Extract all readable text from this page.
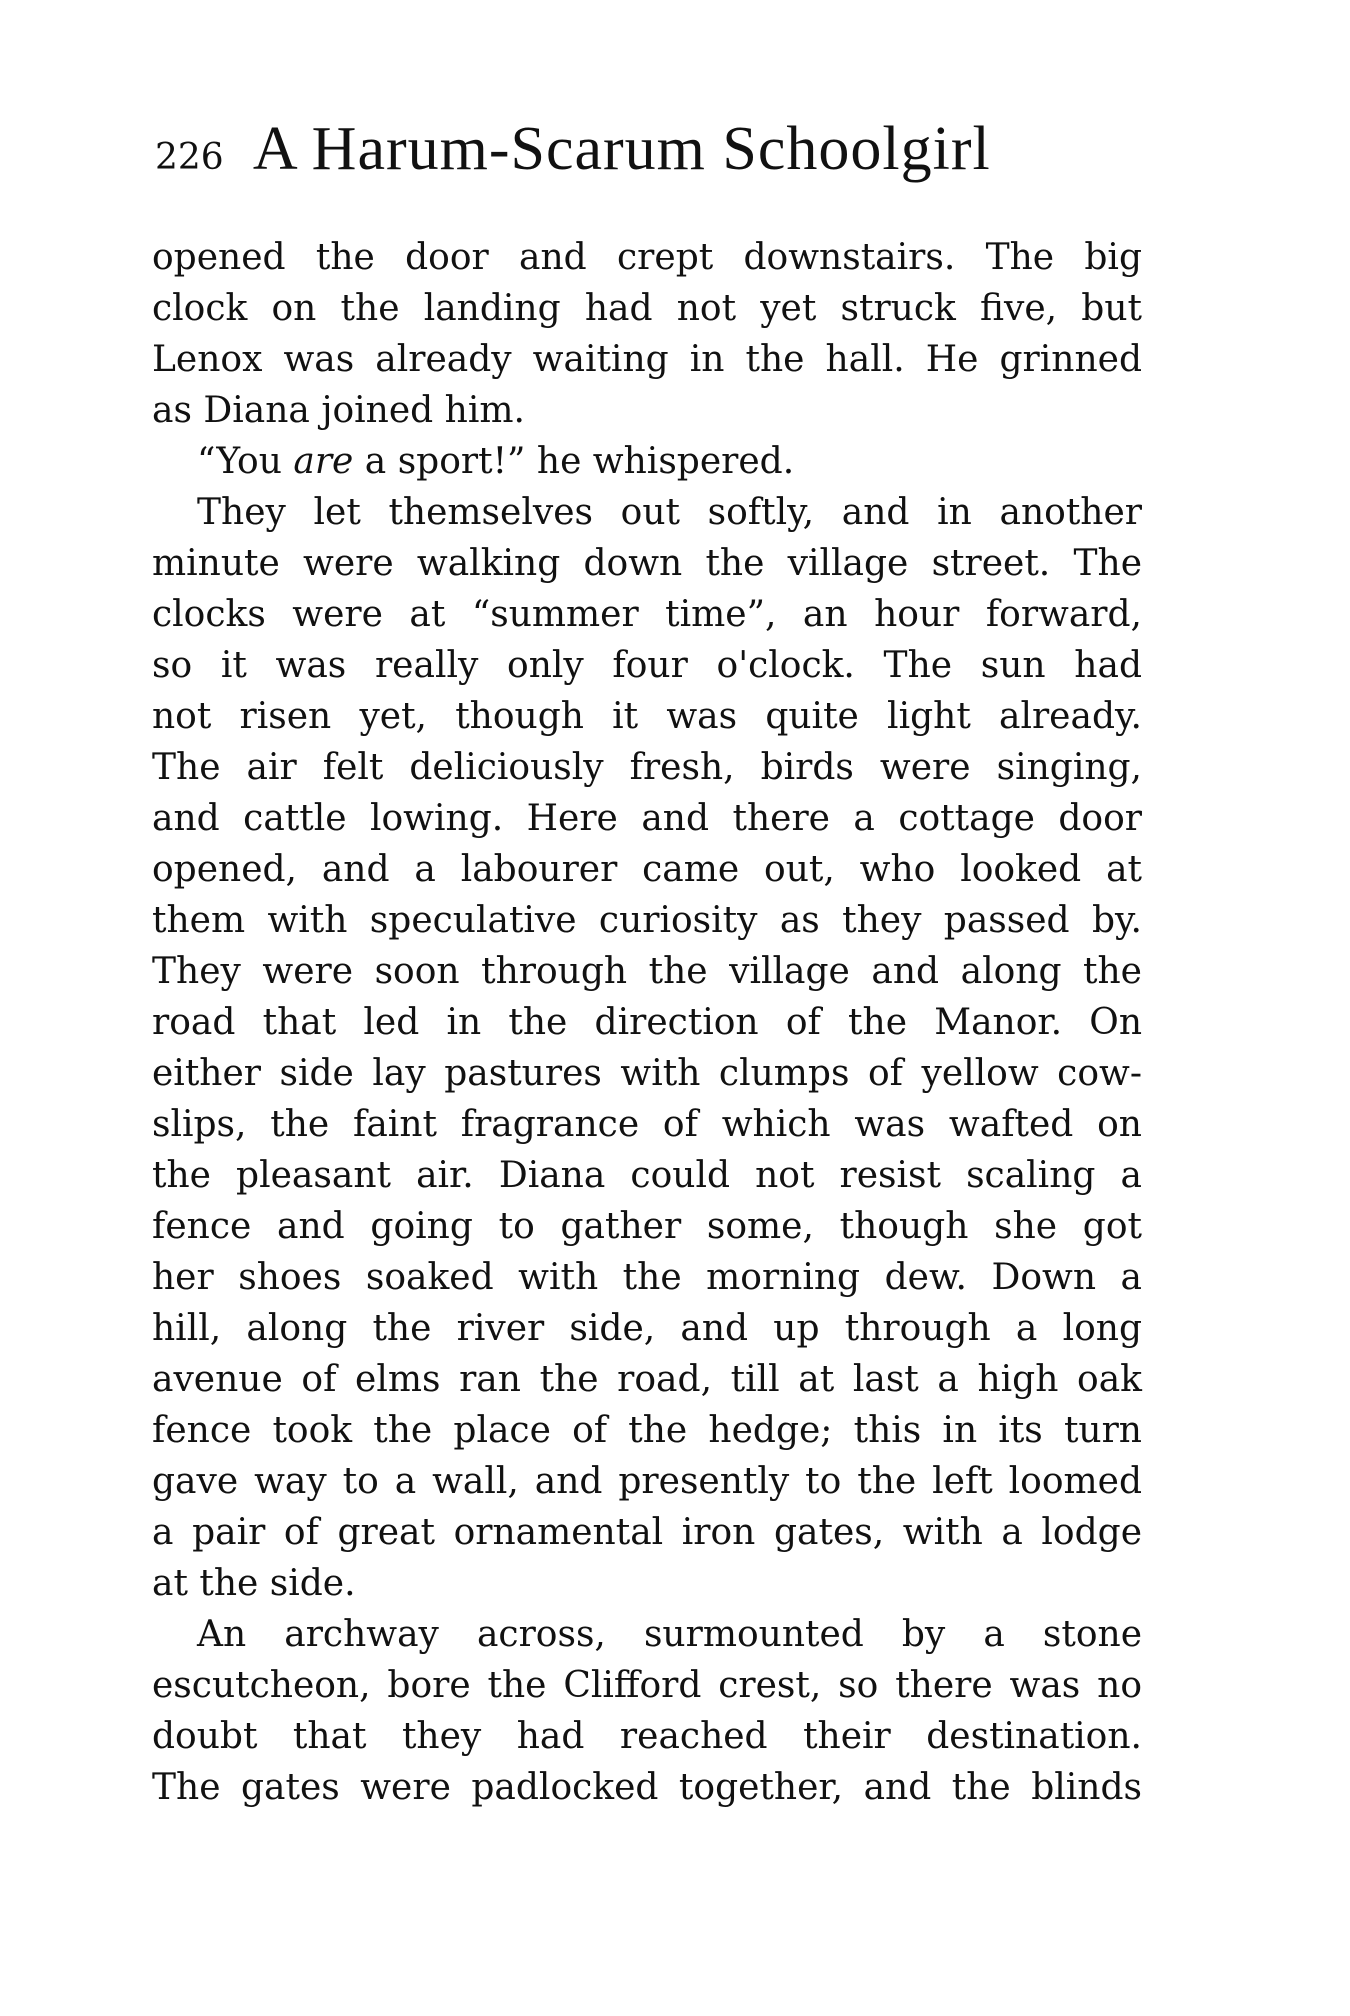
226 A Harum-Scarum Schoolgirl
opened the door and crept downstairs. The big
clock on the landing had not yet struck five, but
Lenox was already waiting in the hall. He grinned
as Diana joined him.
“You are a sport!” he whispered.
They let themselves out softly, and in another
minute were walking down the village street. The
clocks were at “summer time”, an hour forward,
so it was really only four o'clock. The sun had
not risen yet, though it was quite light already.
The air felt deliciously fresh, birds were singing,
and cattle lowing. Here and there a cottage door
opened, and a labourer came out, who looked at
them with speculative curiosity as they passed by.
They were soon through the village and along the
road that led in the direction of the Manor. On
either side lay pastures with clumps of yellow cow-
slips, the faint fragrance of which was wafted on
the pleasant air. Diana could not resist scaling a
fence and going to gather some, though she got
her shoes soaked with the morning dew. Down a
hill, along the river side, and up through a long
avenue of elms ran the road, till at last a high oak
fence took the place of the hedge; this in its turn
gave way to a wall, and presently to the left loomed
a pair of great ornamental iron gates, with a lodge
at the side.
An archway across, surmounted by a stone
escutcheon, bore the Clifford crest, so there was no
doubt that they had reached their destination.
The gates were padlocked together, and the blinds
